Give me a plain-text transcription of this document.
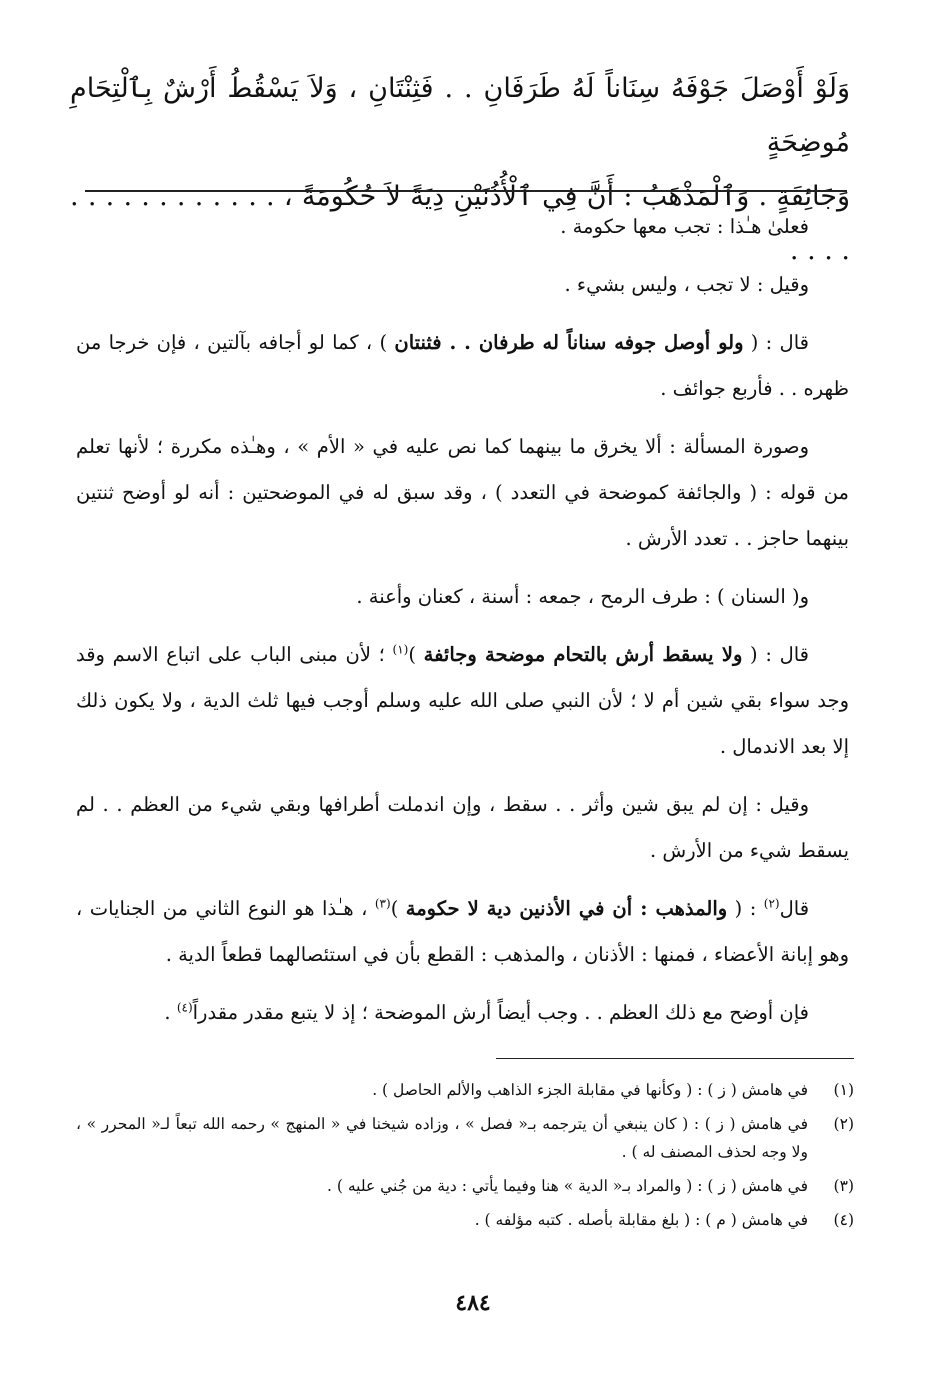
وَلَوْ أَوْصَلَ جَوْفَهُ سِنَاناً لَهُ طَرَفَانِ . . فَثِنْتَانِ ، وَلاَ يَسْقُطُ أَرْشٌ بِٱلْتِحَامِ مُوضِحَةٍ
وَجَائِفَةٍ . وَٱلْمَذْهَبُ : أَنَّ فِي ٱلْأُذُنَيْنِ دِيَةً لاَ حُكُومَةً ، . . . . . . . . . . . . . . . .

فعلىٰ هـٰذا : تجب معها حكومة .

وقيل : لا تجب ، وليس بشيء .

قال : ( ولو أوصل جوفه سناناً له طرفان . . فثنتان ) ، كما لو أجافه بآلتين ، فإن خرجا من ظهره . . فأربع جوائف .

وصورة المسألة : ألا يخرق ما بينهما كما نص عليه في « الأم » ، وهـٰذه مكررة ؛ لأنها تعلم من قوله : ( والجائفة كموضحة في التعدد ) ، وقد سبق له في الموضحتين : أنه لو أوضح ثنتين بينهما حاجز . . تعدد الأرش .

و( السنان ) : طرف الرمح ، جمعه : أسنة ، كعنان وأعنة .

قال : ( ولا يسقط أرش بالتحام موضحة وجائفة )$^{(١)}$ ؛ لأن مبنى الباب على اتباع الاسم وقد وجد سواء بقي شين أم لا ؛ لأن النبي صلى الله عليه وسلم أوجب فيها ثلث الدية ، ولا يكون ذلك إلا بعد الاندمال .

وقيل : إن لم يبق شين وأثر . . سقط ، وإن اندملت أطرافها وبقي شيء من العظم . . لم يسقط شيء من الأرش .

قال$^{(٢)}$ : ( والمذهب : أن في الأذنين دية لا حكومة )$^{(٣)}$ ، هـٰذا هو النوع الثاني من الجنايات ، وهو إبانة الأعضاء ، فمنها : الأذنان ، والمذهب : القطع بأن في استئصالهما قطعاً الدية .

فإن أوضح مع ذلك العظم . . وجب أيضاً أرش الموضحة ؛ إذ لا يتبع مقدر مقدراً$^{(٤)}$ .

(١)
في هامش ( ز ) : ( وكأنها في مقابلة الجزء الذاهب والألم الحاصل ) .
(٢)
في هامش ( ز ) : ( كان ينبغي أن يترجمه بـ« فصل » ، وزاده شيخنا في « المنهج » رحمه الله تبعاً لـ« المحرر » ، ولا وجه لحذف المصنف له ) .
(٣)
في هامش ( ز ) : ( والمراد بـ« الدية » هنا وفيما يأتي : دية من جُني عليه ) .
(٤)
في هامش ( م ) : ( بلغ مقابلة بأصله . كتبه مؤلفه ) .
٤٨٤
